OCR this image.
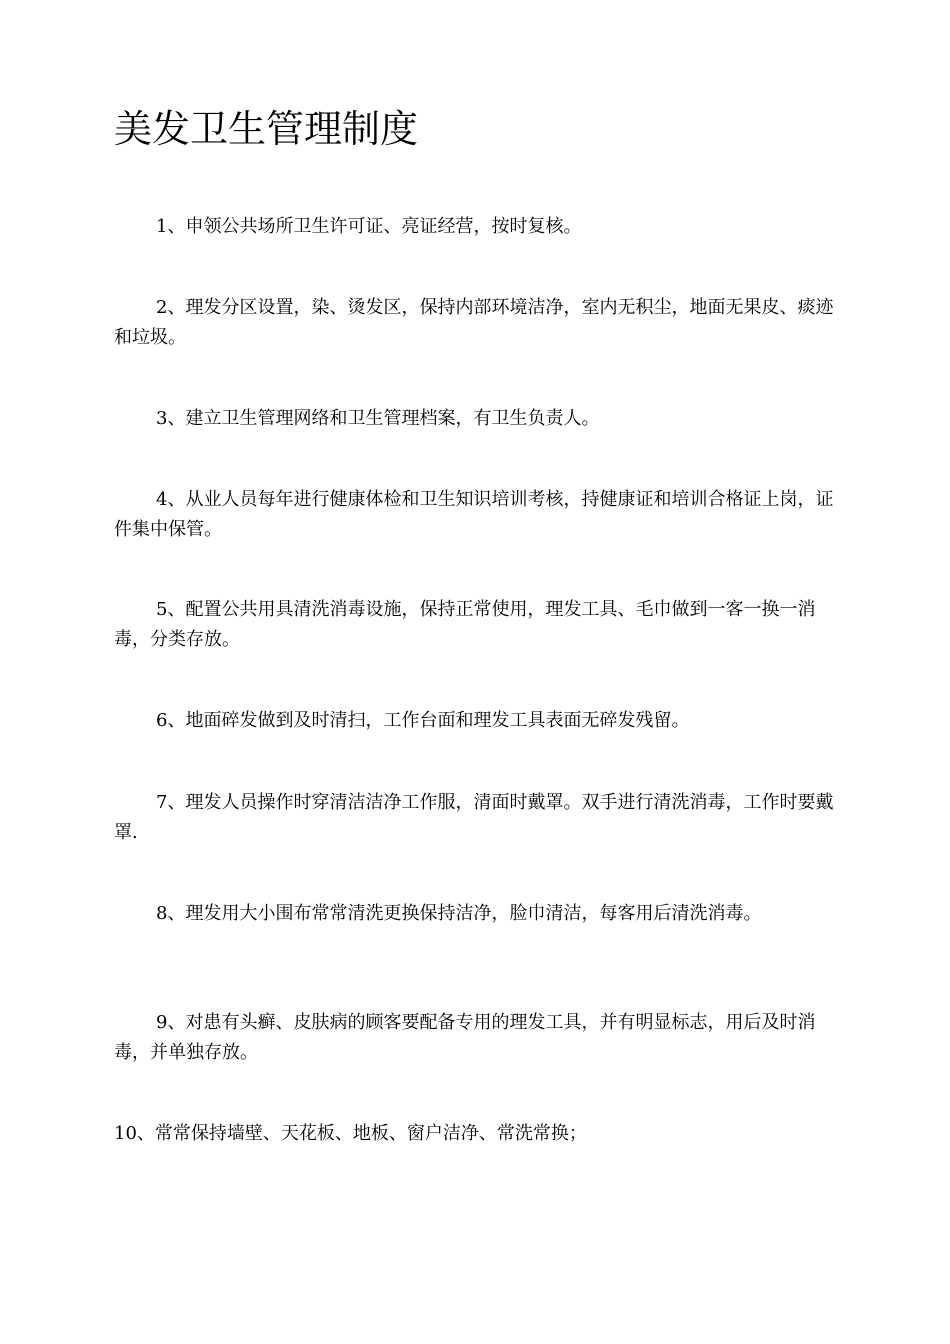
美发卫生管理制度

1、申领公共场所卫生许可证、亮证经营，按时复核。

2、理发分区设置，染、烫发区，保持内部环境洁净，室内无积尘，地面无果皮、痰迹和垃圾。

3、建立卫生管理网络和卫生管理档案，有卫生负责人。

4、从业人员每年进行健康体检和卫生知识培训考核，持健康证和培训合格证上岗，证件集中保管。

5、配置公共用具清洗消毒设施，保持正常使用，理发工具、毛巾做到一客一换一消毒，分类存放。

6、地面碎发做到及时清扫，工作台面和理发工具表面无碎发残留。

7、理发人员操作时穿清洁洁净工作服，清面时戴罩。双手进行清洗消毒，工作时要戴罩.

8、理发用大小围布常常清洗更换保持洁净，脸巾清洁，每客用后清洗消毒。

9、对患有头癣、皮肤病的顾客要配备专用的理发工具，并有明显标志，用后及时消毒，并单独存放。

10、常常保持墙壁、天花板、地板、窗户洁净、常洗常换；
